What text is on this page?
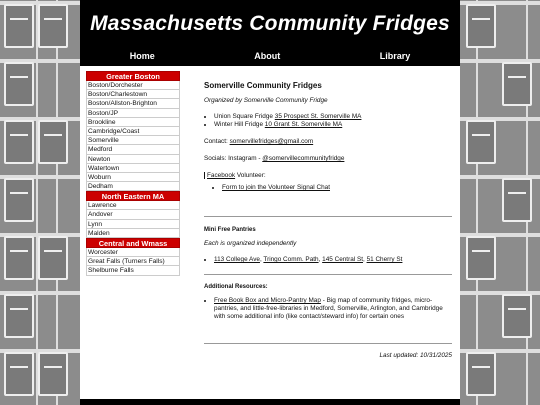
Massachusetts Community Fridges
Home	About	Library
Greater Boston
Boston/Dorchester
Boston/Charlestown
Boston/Allston-Brighton
Boston/JP
Brookline
Cambridge/Coast
Somerville
Medford
Newton
Watertown
Woburn
Dedham
North Eastern MA
Lawrence
Andover
Lynn
Malden
Central and Wmass
Worcester
Great Falls (Turners Falls)
Shelburne Falls
Somerville Community Fridges

Organized by Somerville Community Fridge

• Union Square Fridge 35 Prospect St. Somerville MA
• Winter Hill Fridge 10 Grant St. Somerville MA

Contact: somervillefridges@gmail.com

Socials: Instagram - @somervillecommunityfridge

Facebook Volunteer:

• Form to join the Volunteer Signal Chat

Mini Free Pantries

Each is organized independently

• 113 College Ave, Tringo Comm. Path, 145 Central St, 51 Cherry St

Additional Resources:

• Free Book Box and Micro-Pantry Map - Big map of community fridges, micro-pantries, and little-free-libraries in Medford, Somerville, Arlington, and Cambridge with some additional info (like contact/steward info) for certain ones

Last updated: 10/31/2025
